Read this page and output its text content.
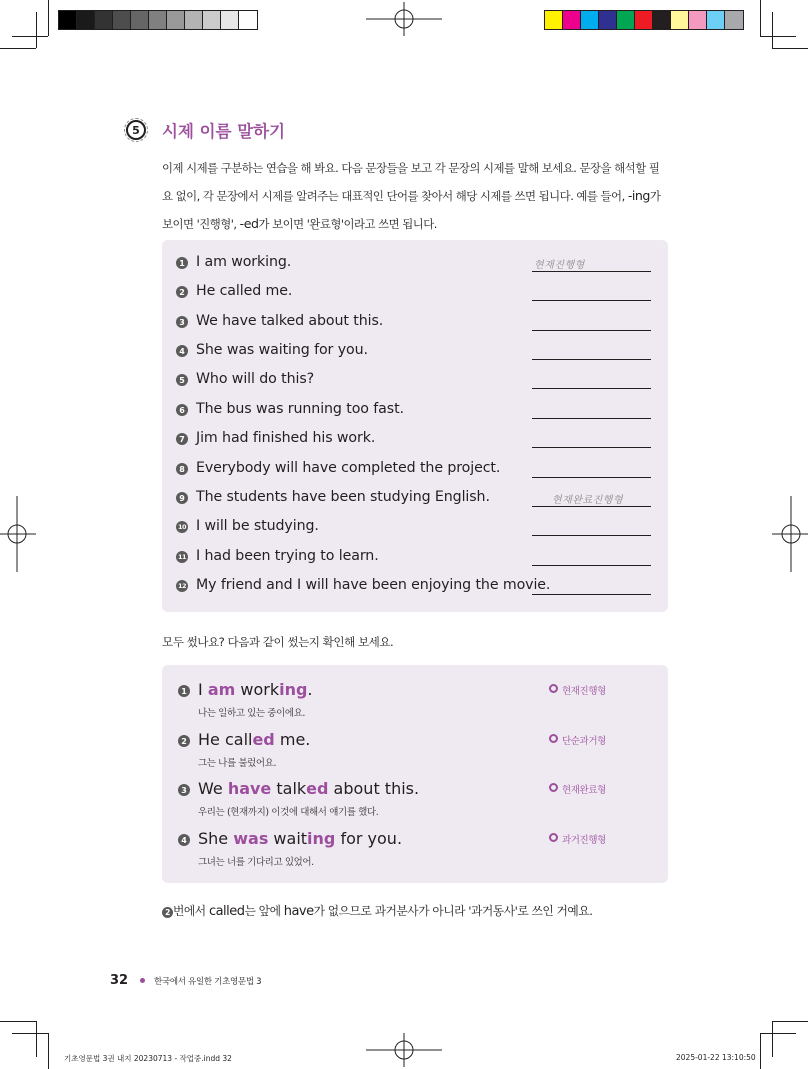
5	시제 이름 말하기
이제 시제를 구분하는 연습을 해 봐요. 다음 문장들을 보고 각 문장의 시제를 말해 보세요. 문장을 해석할 필
요 없이, 각 문장에서 시제를 알려주는 대표적인 단어를 찾아서 해당 시제를 쓰면 됩니다. 예를 들어, -ing가
보이면 '진행형', -ed가 보이면 '완료형'이라고 쓰면 됩니다.
1 I am working.	현재진행형
2 He called me.
3 We have talked about this.
4 She was waiting for you.
5 Who will do this?
6 The bus was running too fast.
7 Jim had finished his work.
8 Everybody will have completed the project.
9 The students have been studying English.	현재완료진행형
10 I will be studying.
11 I had been trying to learn.
12 My friend and I will have been enjoying the movie.
모두 썼나요? 다음과 같이 썼는지 확인해 보세요.
1 I am working.
나는 일하고 있는 중이에요.
현재진행형
2 He called me.
그는 나를 불렀어요.
단순과거형
3 We have talked about this.
우리는 (현재까지) 이것에 대해서 얘기를 했다.
현재완료형
4 She was waiting for you.
그녀는 너를 기다리고 있었어.
과거진행형
2 번에서 called는 앞에 have가 없으므로 과거분사가 아니라 '과거동사'로 쓰인 거예요.
32	한국에서 유일한 기초영문법 3
기초영문법 3권 내지 20230713 - 작업중.indd 32	2025-01-22 13:10:50
